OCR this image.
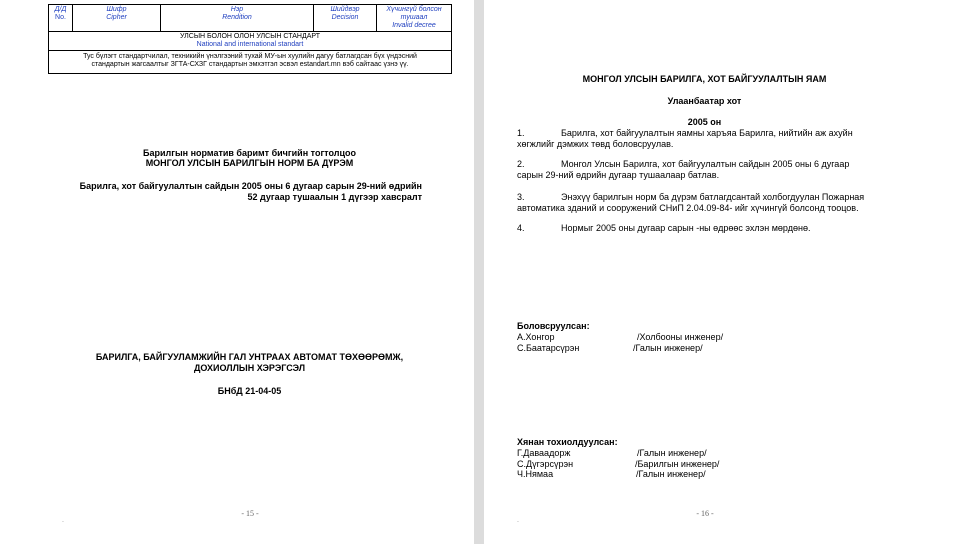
Д/Д
No.

Шифр
Cipher

Нэр
Rendition

Шийдвэр
Decision

Хүчингүй болсон тушаал
Invalid decree

УЛСЫН БОЛОН ОЛОН УЛСЫН СТАНДАРТ
National and international standart

Тус бүлэгт стандартчилал, техникийн үнэлгээний тухай МУ-ын хуулийн дагуу батлагдсан бүх үндэсний
стандартын жагсаалтыг ЗГТА-СХЗГ стандартын эмхэтгэл эсвэл estandart.mn вэб сайтаас үзнэ үү.
Барилгын норматив баримт бичгийн тогтолцоо
МОНГОЛ УЛСЫН БАРИЛГЫН НОРМ БА ДҮРЭМ
Барилга, хот байгуулалтын сайдын 2005 оны 6 дугаар сарын 29-ний өдрийн
52 дугаар тушаалын 1 дүгээр хавсралт
БАРИЛГА, БАЙГУУЛАМЖИЙН ГАЛ УНТРААХ АВТОМАТ ТӨХӨӨРӨМЖ,
ДОХИОЛЛЫН ХЭРЭГСЭЛ
БНбД 21-04-05
- 15 -
.
МОНГОЛ УЛСЫН БАРИЛГА, ХОТ БАЙГУУЛАЛТЫН ЯАМ
Улаанбаатар хот
2005 он
1.	Барилга, хот байгуулалтын яамны харъяа Барилга, нийтийн аж ахуйн
хөгжлийг дэмжих төвд боловсруулав.
2.	Монгол Улсын Барилга, хот байгуулалтын сайдын 2005 оны 6 дугаар
сарын 29-ний өдрийн дугаар тушаалаар батлав.
3.	Энэхүү барилгын норм ба дүрэм батлагдсантай холбогдуулан Пожарная
автоматика зданий и сооружений СНиП 2.04.09-84- ийг хүчингүй болсонд тооцов.
4.	Нормыг 2005 оны дугаар сарын -ны өдрөөс эхлэн мөрдөнө.
Боловсруулсан:
А.Хонгор	/Холбооны инженер/
С.Баатарсүрэн	/Галын инженер/
Хянан тохиолдуулсан:
Г.Даваадорж	/Галын инженер/
С.Дүгэрсүрэн	/Барилгын инженер/
Ч.Нямаа	/Галын инженер/
- 16 -
.
